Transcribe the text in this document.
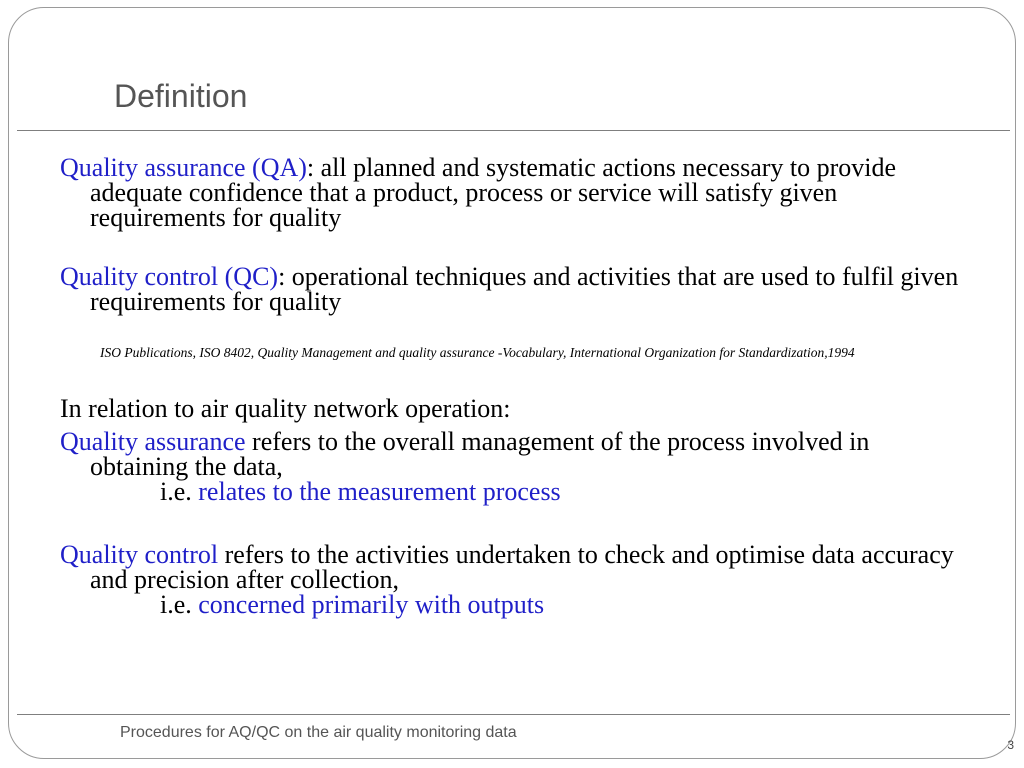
Definition

Quality assurance (QA): all planned and systematic actions necessary to provide adequate confidence that a product, process or service will satisfy given requirements for quality

Quality control (QC): operational techniques and activities that are used to fulfil given requirements for quality

ISO Publications, ISO 8402, Quality Management and quality assurance -Vocabulary, International Organization for Standardization,1994

In relation to air quality network operation:

Quality assurance refers to the overall management of the process involved in obtaining the data,

i.e. relates to the measurement process

Quality control refers to the activities undertaken to check and optimise data accuracy and precision after collection,

i.e. concerned primarily with outputs

Procedures for AQ/QC on the air quality monitoring data
3
